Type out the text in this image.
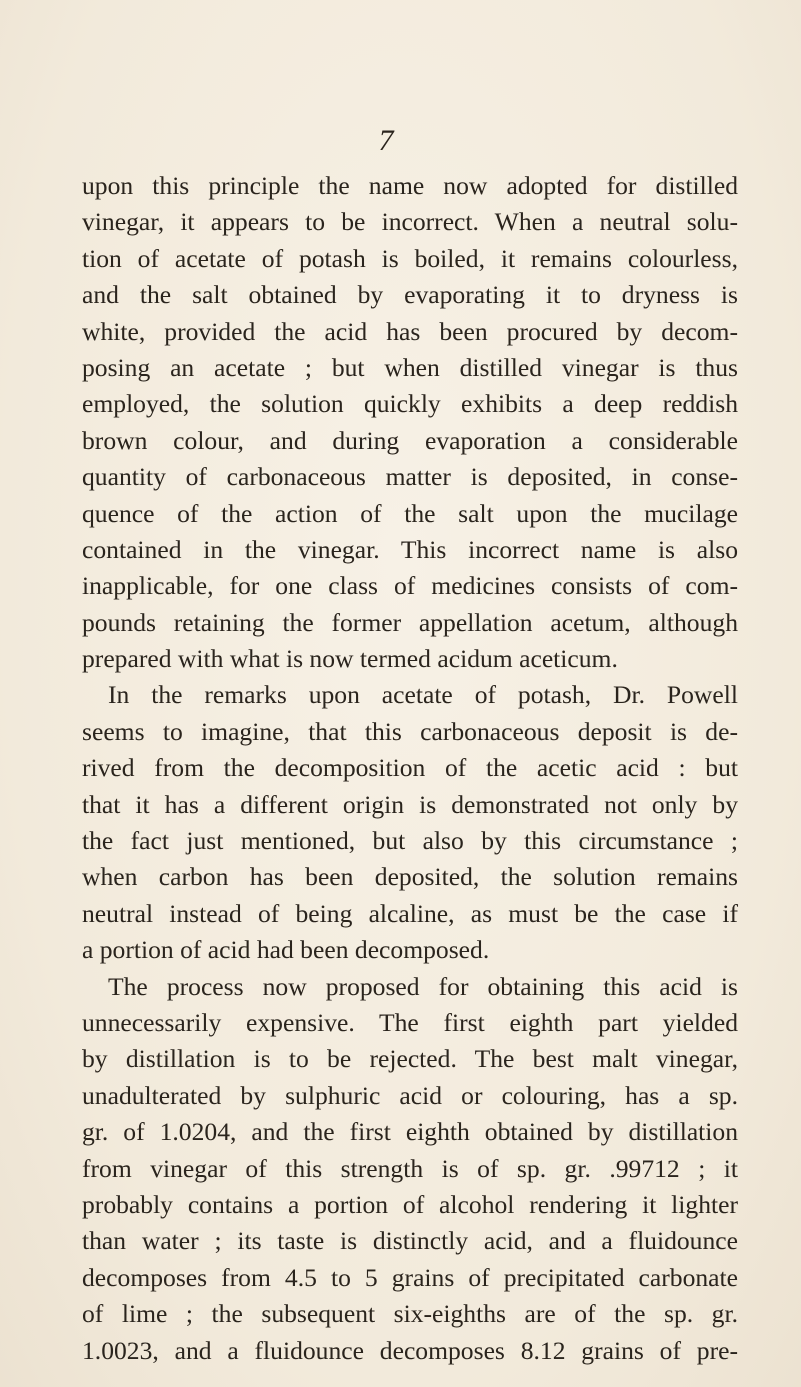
7
upon this principle the name now adopted for distilled
vinegar, it appears to be incorrect. When a neutral solu-
tion of acetate of potash is boiled, it remains colourless,
and the salt obtained by evaporating it to dryness is
white, provided the acid has been procured by decom-
posing an acetate ; but when distilled vinegar is thus
employed, the solution quickly exhibits a deep reddish
brown colour, and during evaporation a considerable
quantity of carbonaceous matter is deposited, in conse-
quence of the action of the salt upon the mucilage
contained in the vinegar. This incorrect name is also
inapplicable, for one class of medicines consists of com-
pounds retaining the former appellation acetum, although
prepared with what is now termed acidum aceticum.
In the remarks upon acetate of potash, Dr. Powell
seems to imagine, that this carbonaceous deposit is de-
rived from the decomposition of the acetic acid : but
that it has a different origin is demonstrated not only by
the fact just mentioned, but also by this circumstance ;
when carbon has been deposited, the solution remains
neutral instead of being alcaline, as must be the case if
a portion of acid had been decomposed.
The process now proposed for obtaining this acid is
unnecessarily expensive. The first eighth part yielded
by distillation is to be rejected. The best malt vinegar,
unadulterated by sulphuric acid or colouring, has a sp.
gr. of 1.0204, and the first eighth obtained by distillation
from vinegar of this strength is of sp. gr. .99712 ; it
probably contains a portion of alcohol rendering it lighter
than water ; its taste is distinctly acid, and a fluidounce
decomposes from 4.5 to 5 grains of precipitated carbonate
of lime ; the subsequent six-eighths are of the sp. gr.
1.0023, and a fluidounce decomposes 8.12 grains of pre-
